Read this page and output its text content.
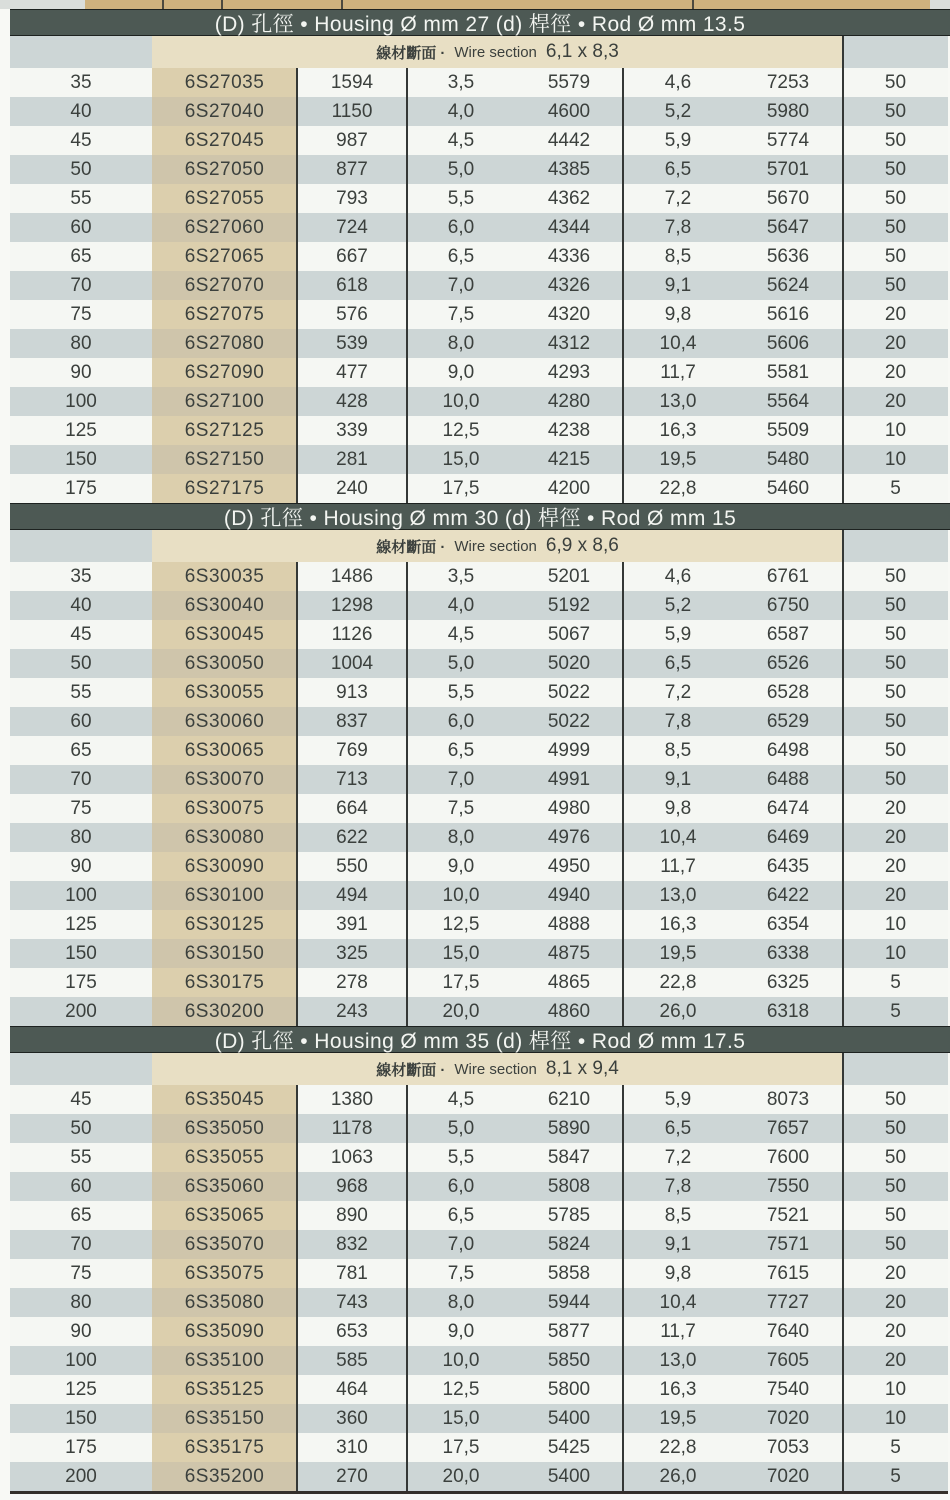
(D) 孔徑 • Housing Ø mm 27 (d) 桿徑 • Rod Ø mm 13.5
線材斷面 · Wire section 6,1 x 8,3
35	6S27035	1594	3,5	5579	4,6	7253	50
40	6S27040	1150	4,0	4600	5,2	5980	50
45	6S27045	987	4,5	4442	5,9	5774	50
50	6S27050	877	5,0	4385	6,5	5701	50
55	6S27055	793	5,5	4362	7,2	5670	50
60	6S27060	724	6,0	4344	7,8	5647	50
65	6S27065	667	6,5	4336	8,5	5636	50
70	6S27070	618	7,0	4326	9,1	5624	50
75	6S27075	576	7,5	4320	9,8	5616	20
80	6S27080	539	8,0	4312	10,4	5606	20
90	6S27090	477	9,0	4293	11,7	5581	20
100	6S27100	428	10,0	4280	13,0	5564	20
125	6S27125	339	12,5	4238	16,3	5509	10
150	6S27150	281	15,0	4215	19,5	5480	10
175	6S27175	240	17,5	4200	22,8	5460	5
(D) 孔徑 • Housing Ø mm 30 (d) 桿徑 • Rod Ø mm 15
線材斷面 · Wire section 6,9 x 8,6
35	6S30035	1486	3,5	5201	4,6	6761	50
40	6S30040	1298	4,0	5192	5,2	6750	50
45	6S30045	1126	4,5	5067	5,9	6587	50
50	6S30050	1004	5,0	5020	6,5	6526	50
55	6S30055	913	5,5	5022	7,2	6528	50
60	6S30060	837	6,0	5022	7,8	6529	50
65	6S30065	769	6,5	4999	8,5	6498	50
70	6S30070	713	7,0	4991	9,1	6488	50
75	6S30075	664	7,5	4980	9,8	6474	20
80	6S30080	622	8,0	4976	10,4	6469	20
90	6S30090	550	9,0	4950	11,7	6435	20
100	6S30100	494	10,0	4940	13,0	6422	20
125	6S30125	391	12,5	4888	16,3	6354	10
150	6S30150	325	15,0	4875	19,5	6338	10
175	6S30175	278	17,5	4865	22,8	6325	5
200	6S30200	243	20,0	4860	26,0	6318	5
(D) 孔徑 • Housing Ø mm 35 (d) 桿徑 • Rod Ø mm 17.5
線材斷面 · Wire section 8,1 x 9,4
45	6S35045	1380	4,5	6210	5,9	8073	50
50	6S35050	1178	5,0	5890	6,5	7657	50
55	6S35055	1063	5,5	5847	7,2	7600	50
60	6S35060	968	6,0	5808	7,8	7550	50
65	6S35065	890	6,5	5785	8,5	7521	50
70	6S35070	832	7,0	5824	9,1	7571	50
75	6S35075	781	7,5	5858	9,8	7615	20
80	6S35080	743	8,0	5944	10,4	7727	20
90	6S35090	653	9,0	5877	11,7	7640	20
100	6S35100	585	10,0	5850	13,0	7605	20
125	6S35125	464	12,5	5800	16,3	7540	10
150	6S35150	360	15,0	5400	19,5	7020	10
175	6S35175	310	17,5	5425	22,8	7053	5
200	6S35200	270	20,0	5400	26,0	7020	5
